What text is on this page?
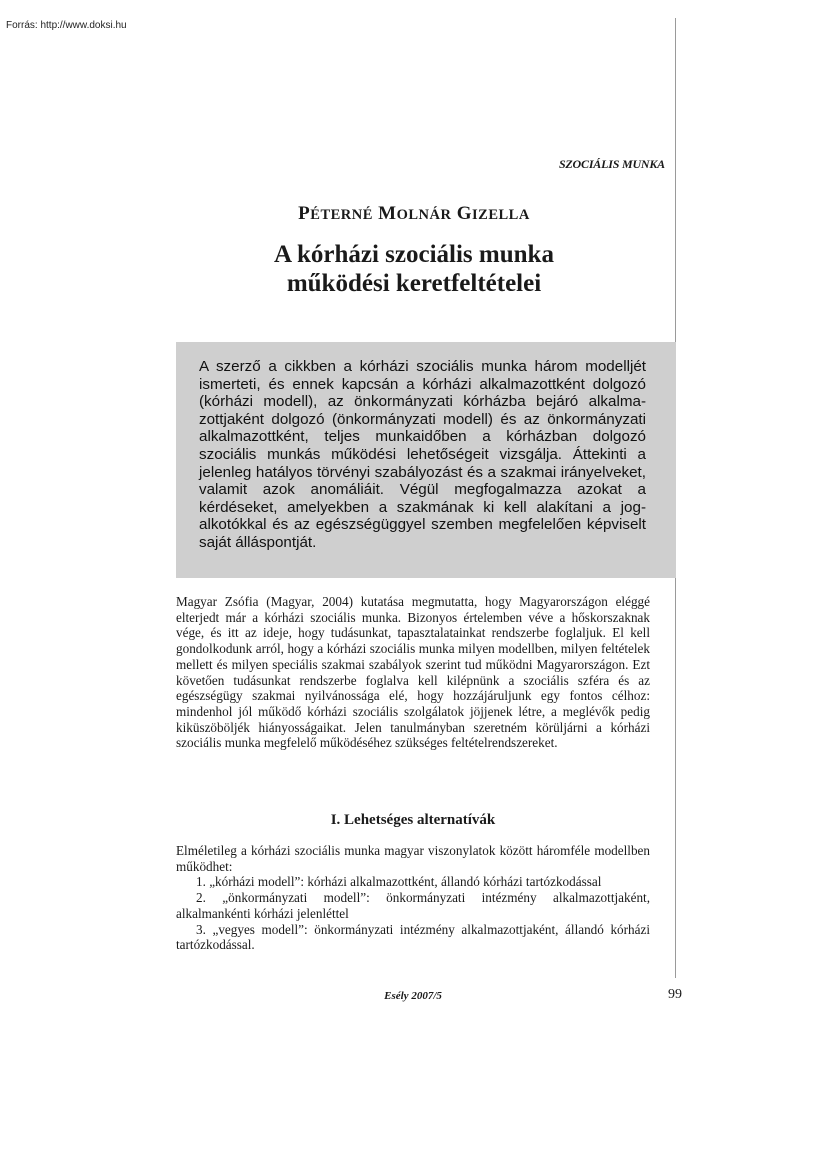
Forrás: http://www.doksi.hu
SZOCIÁLIS MUNKA
PÉTERNÉ MOLNÁR GIZELLA
A kórházi szociális munka
működési keretfeltételei

A szerző a cikkben a kórházi szociális munka három modelljét ismerteti, és ennek kapcsán a kórházi alkalmazottként dolgozó (kórházi modell), az önkormányzati kórházba bejáró alkalmazottjaként dolgozó (önkormányzati modell) és az önkormányzati alkalmazottként, teljes munkaidőben a kórházban dolgozó szociális munkás működési lehetőségeit vizsgálja. Áttekinti a jelenleg hatályos törvényi szabályozást és a szakmai irányelveket, valamit azok anomáliáit. Végül megfogalmazza azokat a kérdéseket, amelyekben a szakmának ki kell alakítani a jogalkotókkal és az egészségüggyel szemben megfelelően képviselt saját álláspontját.

Magyar Zsófia (Magyar, 2004) kutatása megmutatta, hogy Magyarországon eléggé elterjedt már a kórházi szociális munka. Bizonyos értelemben véve a hőskorszaknak vége, és itt az ideje, hogy tudásunkat, tapasztalatainkat rendszerbe foglaljuk. El kell gondolkodunk arról, hogy a kórházi szociális munka milyen modellben, milyen feltételek mellett és milyen speciális szakmai szabályok szerint tud működni Magyarországon. Ezt követően tudásunkat rendszerbe foglalva kell kilépnünk a szociális szféra és az egészségügy szakmai nyilvánossága elé, hogy hozzájáruljunk egy fontos célhoz: mindenhol jól működő kórházi szociális szolgálatok jöjjenek létre, a meglévők pedig kiküszöböljék hiányosságaikat. Jelen tanulmányban szeretném körüljárni a kórházi szociális munka megfelelő működéséhez szükséges feltételrendszereket.

I. Lehetséges alternatívák

Elméletileg a kórházi szociális munka magyar viszonylatok között háromféle modellben működhet:

1. „kórházi modell”: kórházi alkalmazottként, állandó kórházi tartózkodással

2. „önkormányzati modell”: önkormányzati intézmény alkalmazottjaként, alkalmankénti kórházi jelenléttel

3. „vegyes modell”: önkormányzati intézmény alkalmazottjaként, állandó kórházi tartózkodással.

Esély 2007/5	99
